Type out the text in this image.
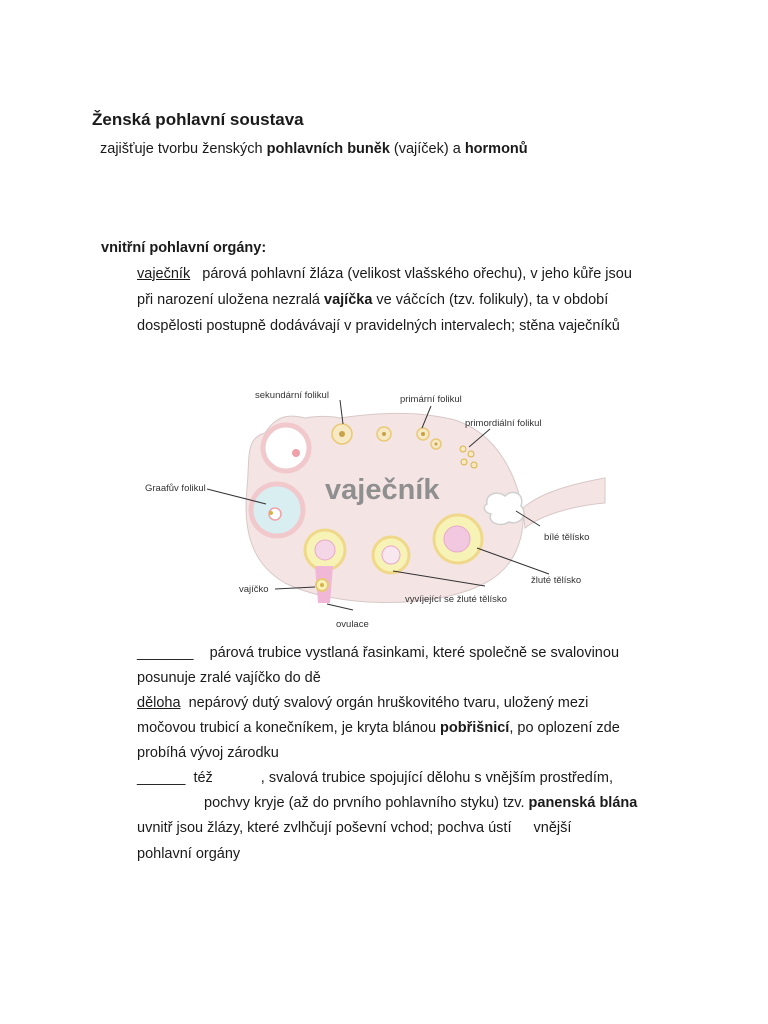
Ženská pohlavní soustava
zajišťuje tvorbu ženských pohlavních buněk (vajíček) a hormonů
vnitřní pohlavní orgány:
vaječník párová pohlavní žláza (velikost vlašského ořechu), v jeho kůře jsou
při narození uložena nezralá vajíčka ve váčcích (tzv. folikuly), ta v období
dospělosti postupně dodávávají v pravidelných intervalech; stěna vaječníků
vaječník
sekundární folikul	primární folikul
primordiální folikul
Graafův folikul
bílé tělísko
žluté tělísko
vyvíjející se žluté tělísko
vajíčko
ovulace
_______ párová trubice vystlaná řasinkami, které společně se svalovinou
posunuje zralé vajíčko do dě
děloha nepárový dutý svalový orgán hruškovitého tvaru, uložený mezi
močovou trubicí a konečníkem, je kryta blánou pobřišnicí, po oplození zde
probíhá vývoj zárodku
______ též	, svalová trubice spojující dělohu s vnějším prostředím,
pochvy kryje (až do prvního pohlavního styku) tzv. panenská blána
uvnitř jsou žlázy, které zvlhčují poševní vchod; pochva ústí vnější
pohlavní orgány
